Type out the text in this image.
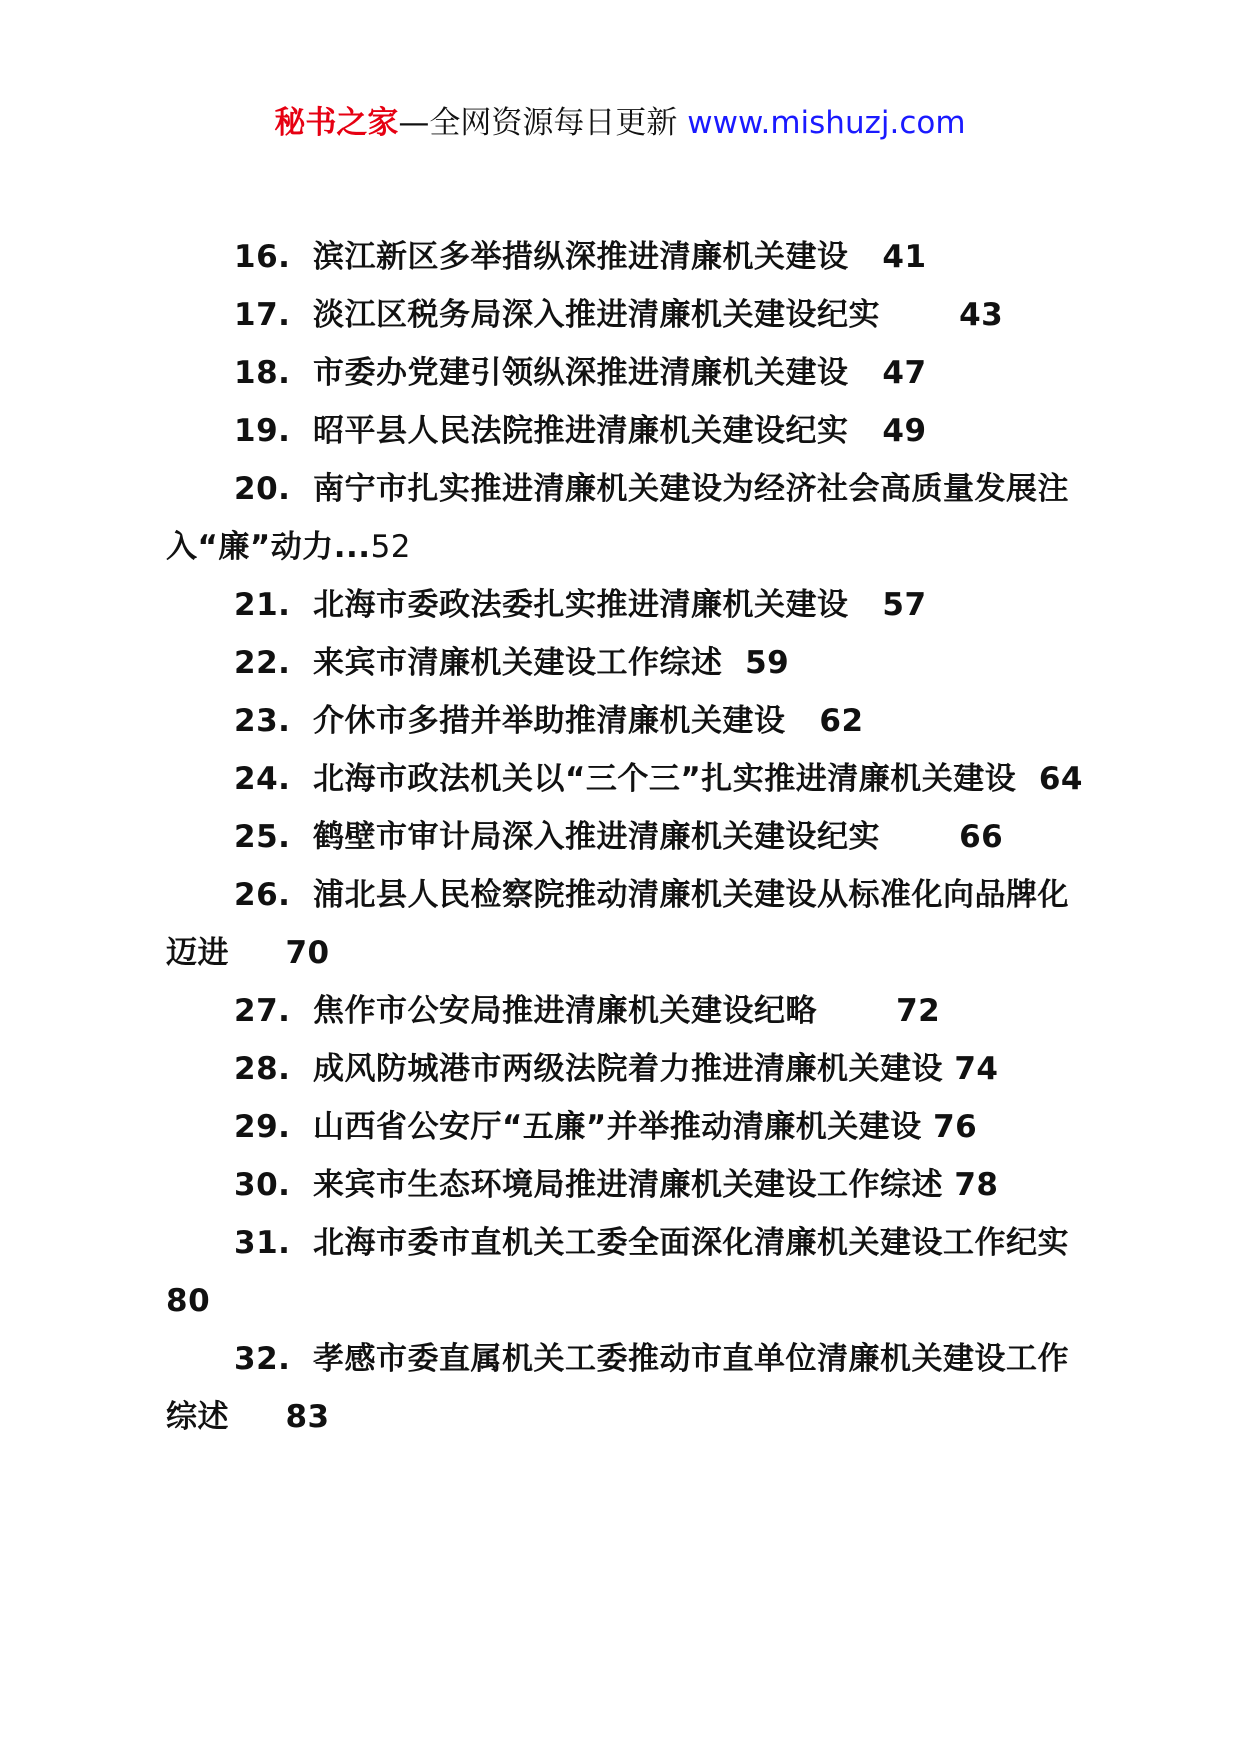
秘书之家—全网资源每日更新 www.mishuzj.com
16. 滨江新区多举措纵深推进清廉机关建设 41
17. 淡江区税务局深入推进清廉机关建设纪实	43
18. 市委办党建引领纵深推进清廉机关建设 47
19. 昭平县人民法院推进清廉机关建设纪实 49
20. 南宁市扎实推进清廉机关建设为经济社会高质量发展注入“廉”动力...52
21. 北海市委政法委扎实推进清廉机关建设 57
22. 来宾市清廉机关建设工作综述 59
23. 介休市多措并举助推清廉机关建设 62
24. 北海市政法机关以“三个三”扎实推进清廉机关建设 64
25. 鹤壁市审计局深入推进清廉机关建设纪实	66
26. 浦北县人民检察院推动清廉机关建设从标准化向品牌化迈进 70
27. 焦作市公安局推进清廉机关建设纪略	72
28. 成风防城港市两级法院着力推进清廉机关建设 74
29. 山西省公安厅“五廉”并举推动清廉机关建设 76
30. 来宾市生态环境局推进清廉机关建设工作综述 78
31. 北海市委市直机关工委全面深化清廉机关建设工作纪实   80
32. 孝感市委直属机关工委推动市直单位清廉机关建设工作综述 83
